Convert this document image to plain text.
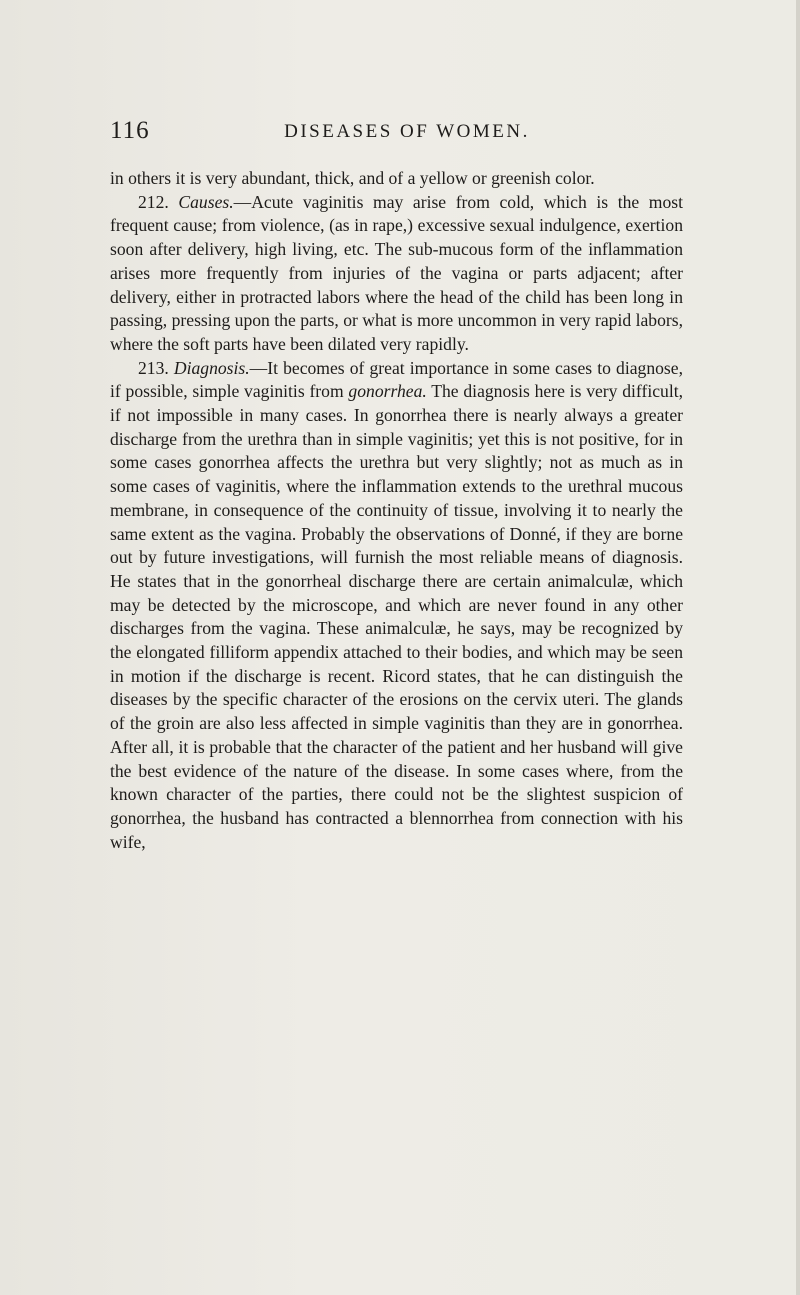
116	DISEASES OF WOMEN.

in others it is very abundant, thick, and of a yellow or greenish color.

212. Causes.—Acute vaginitis may arise from cold, which is the most frequent cause; from violence, (as in rape,) excessive sexual indulgence, exertion soon after delivery, high living, etc. The sub-mucous form of the inflammation arises more frequently from injuries of the vagina or parts adjacent; after delivery, either in protracted labors where the head of the child has been long in passing, pressing upon the parts, or what is more uncommon in very rapid labors, where the soft parts have been dilated very rapidly.

213. Diagnosis.—It becomes of great importance in some cases to diagnose, if possible, simple vaginitis from gonorrhea. The diagnosis here is very difficult, if not impossible in many cases. In gonorrhea there is nearly always a greater discharge from the urethra than in simple vaginitis; yet this is not positive, for in some cases gonorrhea affects the urethra but very slightly; not as much as in some cases of vaginitis, where the inflammation extends to the urethral mucous membrane, in consequence of the continuity of tissue, involving it to nearly the same extent as the vagina. Probably the observations of Donné, if they are borne out by future investigations, will furnish the most reliable means of diagnosis. He states that in the gonorrheal discharge there are certain animalculæ, which may be detected by the microscope, and which are never found in any other discharges from the vagina. These animalculæ, he says, may be recognized by the elongated filliform appendix attached to their bodies, and which may be seen in motion if the discharge is recent. Ricord states, that he can distinguish the diseases by the specific character of the erosions on the cervix uteri. The glands of the groin are also less affected in simple vaginitis than they are in gonorrhea. After all, it is probable that the character of the patient and her husband will give the best evidence of the nature of the disease. In some cases where, from the known character of the parties, there could not be the slightest suspicion of gonorrhea, the husband has contracted a blennorrhea from connection with his wife,
